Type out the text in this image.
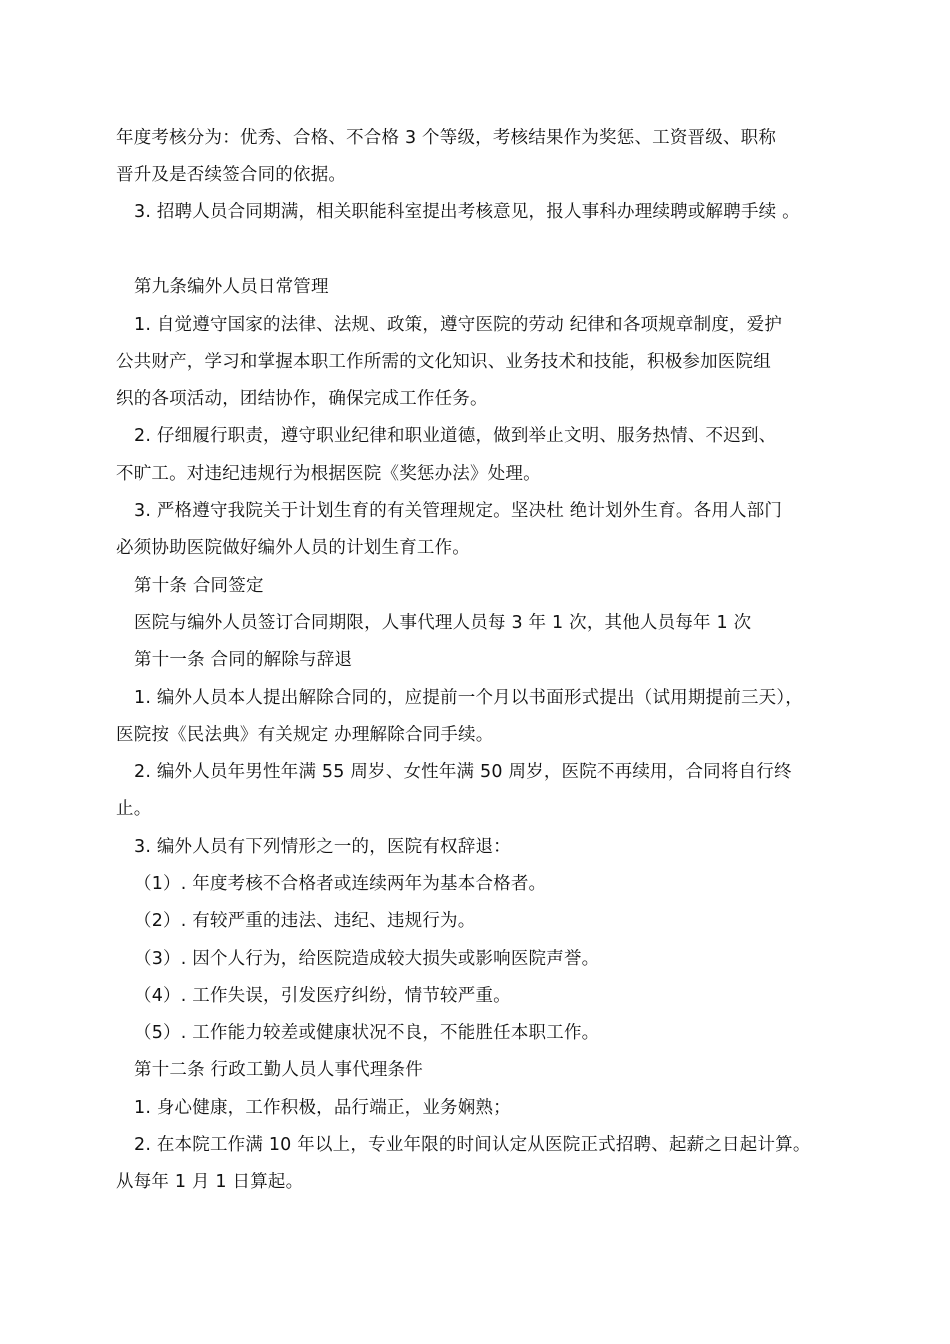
年度考核分为：优秀、合格、不合格 3 个等级，考核结果作为奖惩、工资晋级、职称
晋升及是否续签合同的依据。
3. 招聘人员合同期满，相关职能科室提出考核意见，报人事科办理续聘或解聘手续 。
第九条编外人员日常管理
1. 自觉遵守国家的法律、法规、政策，遵守医院的劳动 纪律和各项规章制度，爱护
公共财产，学习和掌握本职工作所需的文化知识、业务技术和技能，积极参加医院组
织的各项活动，团结协作，确保完成工作任务。
2. 仔细履行职责，遵守职业纪律和职业道德，做到举止文明、服务热情、不迟到、
不旷工。对违纪违规行为根据医院《奖惩办法》处理。
3. 严格遵守我院关于计划生育的有关管理规定。坚决杜 绝计划外生育。各用人部门
必须协助医院做好编外人员的计划生育工作。
第十条 合同签定
医院与编外人员签订合同期限，人事代理人员每 3 年 1 次，其他人员每年 1 次
第十一条 合同的解除与辞退
1. 编外人员本人提出解除合同的，应提前一个月以书面形式提出（试用期提前三天），
医院按《民法典》有关规定 办理解除合同手续。
2. 编外人员年男性年满 55 周岁、女性年满 50 周岁，医院不再续用，合同将自行终
止。
3. 编外人员有下列情形之一的，医院有权辞退：
（1）. 年度考核不合格者或连续两年为基本合格者。
（2）. 有较严重的违法、违纪、违规行为。
（3）. 因个人行为，给医院造成较大损失或影响医院声誉。
（4）. 工作失误，引发医疗纠纷，情节较严重。
（5）. 工作能力较差或健康状况不良，不能胜任本职工作。
第十二条 行政工勤人员人事代理条件
1. 身心健康，工作积极，品行端正，业务娴熟；
2. 在本院工作满 10 年以上，专业年限的时间认定从医院正式招聘、起薪之日起计算。
从每年 1 月 1 日算起。
